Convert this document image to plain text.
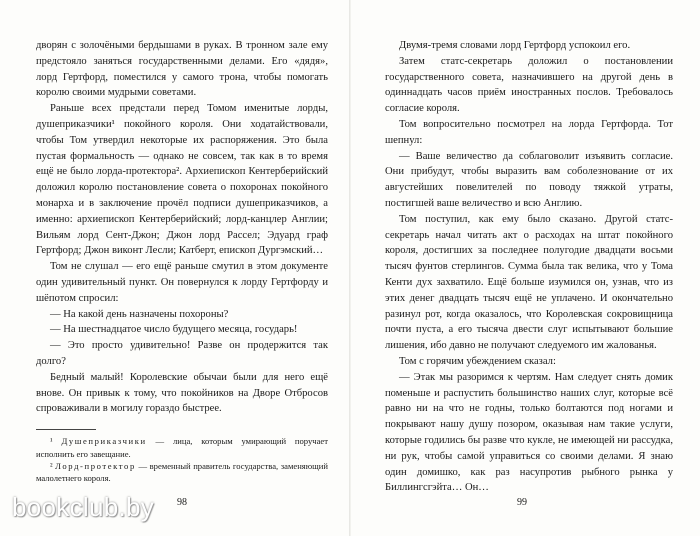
дворян с золочёными бердышами в руках. В тронном зале ему предстояло заняться государственными делами. Его «дядя», лорд Гертфорд, поместился у самого трона, чтобы помогать королю своими мудрыми советами.

Раньше всех предстали перед Томом именитые лорды, душеприказчики¹ покойного короля. Они ходатайствовали, чтобы Том утвердил некоторые их распоряжения. Это была пустая формальность — однако не совсем, так как в то время ещё не было лорда-протектора². Архиепископ Кентерберийский доложил королю постановление совета о похоронах покойного монарха и в заключение прочёл подписи душеприказчиков, а именно: архиепископ Кентерберийский; лорд-канцлер Англии; Вильям лорд Сент-Джон; Джон лорд Рассел; Эдуард граф Гертфорд; Джон виконт Лесли; Катберт, епископ Дургэмский…

Том не слушал — его ещё раньше смутил в этом документе один удивительный пункт. Он повернулся к лорду Гертфорду и шёпотом спросил:

— На какой день назначены похороны?

— На шестнадцатое число будущего месяца, государь!

— Это просто удивительно! Разве он продержится так долго?

Бедный малый! Королевские обычаи были для него ещё внове. Он привык к тому, что покойников на Дворе Отбросов спроваживали в могилу гораздо быстрее.

¹ Душеприказчики — лица, которым умирающий поручает исполнить его завещание.

² Лорд-протектор — временный правитель государства, заменяющий малолетнего короля.

98

Двумя-тремя словами лорд Гертфорд успокоил его.

Затем статс-секретарь доложил о постановлении государственного совета, назначившего на другой день в одиннадцать часов приём иностранных послов. Требовалось согласие короля.

Том вопросительно посмотрел на лорда Гертфорда. Тот шепнул:

— Ваше величество да соблаговолит изъявить согласие. Они прибудут, чтобы выразить вам соболезнование от их августейших повелителей по поводу тяжкой утраты, постигшей ваше величество и всю Англию.

Том поступил, как ему было сказано. Другой статс-секретарь начал читать акт о расходах на штат покойного короля, достигших за последнее полугодие двадцати восьми тысяч фунтов стерлингов. Сумма была так велика, что у Тома Кенти дух захватило. Ещё больше изумился он, узнав, что из этих денег двадцать тысяч ещё не уплачено. И окончательно разинул рот, когда оказалось, что Королевская сокровищница почти пуста, а его тысяча двести слуг испытывают большие лишения, ибо давно не получают следуемого им жалованья.

Том с горячим убеждением сказал:

— Этак мы разоримся к чертям. Нам следует снять домик поменьше и распустить большинство наших слуг, которые всё равно ни на что не годны, только болтаются под ногами и покрывают нашу душу позором, оказывая нам такие услуги, которые годились бы разве что кукле, не имеющей ни рассудка, ни рук, чтобы самой управиться со своими делами. Я знаю один домишко, как раз насупротив рыбного рынка у Биллингсгэйта… Он…

99
bookclub.by
